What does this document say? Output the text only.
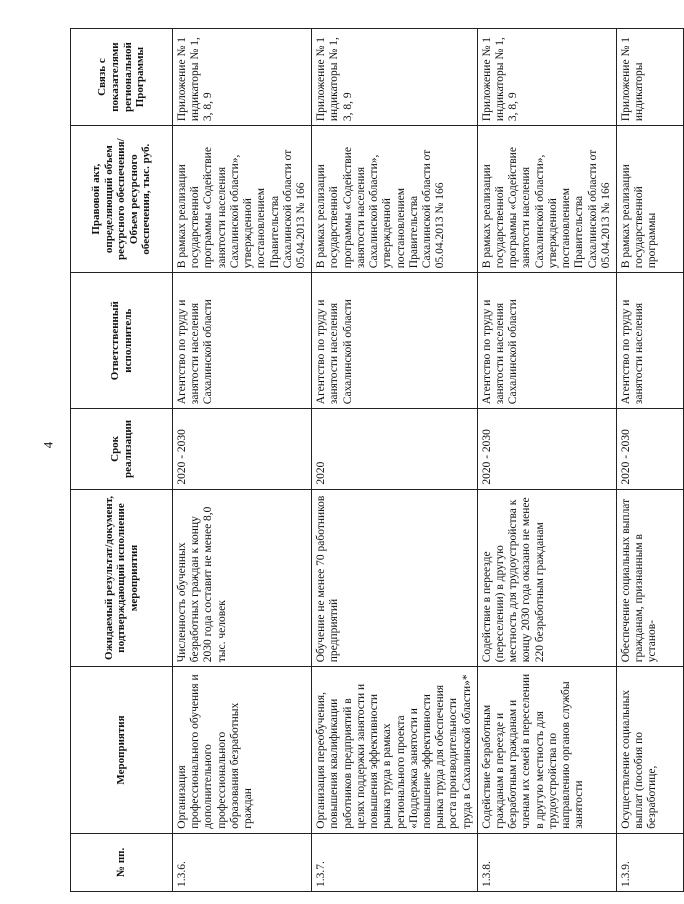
4
№ пп.	Мероприятия	Ожидаемый результат/документ, подтверждающий исполнение мероприятия	Срок реализации	Ответственный исполнитель	Правовой акт, определяющий объем ресурсного обеспечения/Объем ресурсного обеспечения, тыс. руб.	Связь с показателями региональной Программы
1.3.6.	Организация профессионального обучения и дополнительного профессионального образования безработных граждан	Численность обученных безработных граждан к концу 2030 года составит не менее 8,0 тыс. человек	2020 - 2030	Агентство по труду и занятости населения Сахалинской области	В рамках реализации государственной программы «Содействие занятости населения Сахалинской области», утвержденной постановлением Правительства Сахалинской области от 05.04.2013 № 166	Приложение № 1 индикаторы № 1, 3, 8, 9
1.3.7.	Организация переобучения, повышения квалификации работников предприятий в целях поддержки занятости и повышения эффективности рынка труда в рамках регионального проекта «Поддержка занятости и повышение эффективности рынка труда для обеспечения роста производительности труда в Сахалинской области»*	Обучение не менее 70 работников предприятий	2020	Агентство по труду и занятости населения Сахалинской области	В рамках реализации государственной программы «Содействие занятости населения Сахалинской области», утвержденной постановлением Правительства Сахалинской области от 05.04.2013 № 166	Приложение № 1 индикаторы № 1, 3, 8, 9
1.3.8.	Содействие безработным гражданам в переезде и безработным гражданам и членам их семей в переселении в другую местность для трудоустройства по направлению органов службы занятости	Содействие в переезде (переселении) в другую местность для трудоустройства к концу 2030 года оказано не менее 220 безработным гражданам	2020 - 2030	Агентство по труду и занятости населения Сахалинской области	В рамках реализации государственной программы «Содействие занятости населения Сахалинской области», утвержденной постановлением Правительства Сахалинской области от 05.04.2013 № 166	Приложение № 1 индикаторы № 1, 3, 8, 9
1.3.9.	Осуществление социальных выплат (пособия по безработице,	Обеспечение социальных выплат гражданам, признанным в установ-	2020 - 2030	Агентство по труду и занятости населения	В рамках реализации государственной программы	Приложение № 1 индикаторы
